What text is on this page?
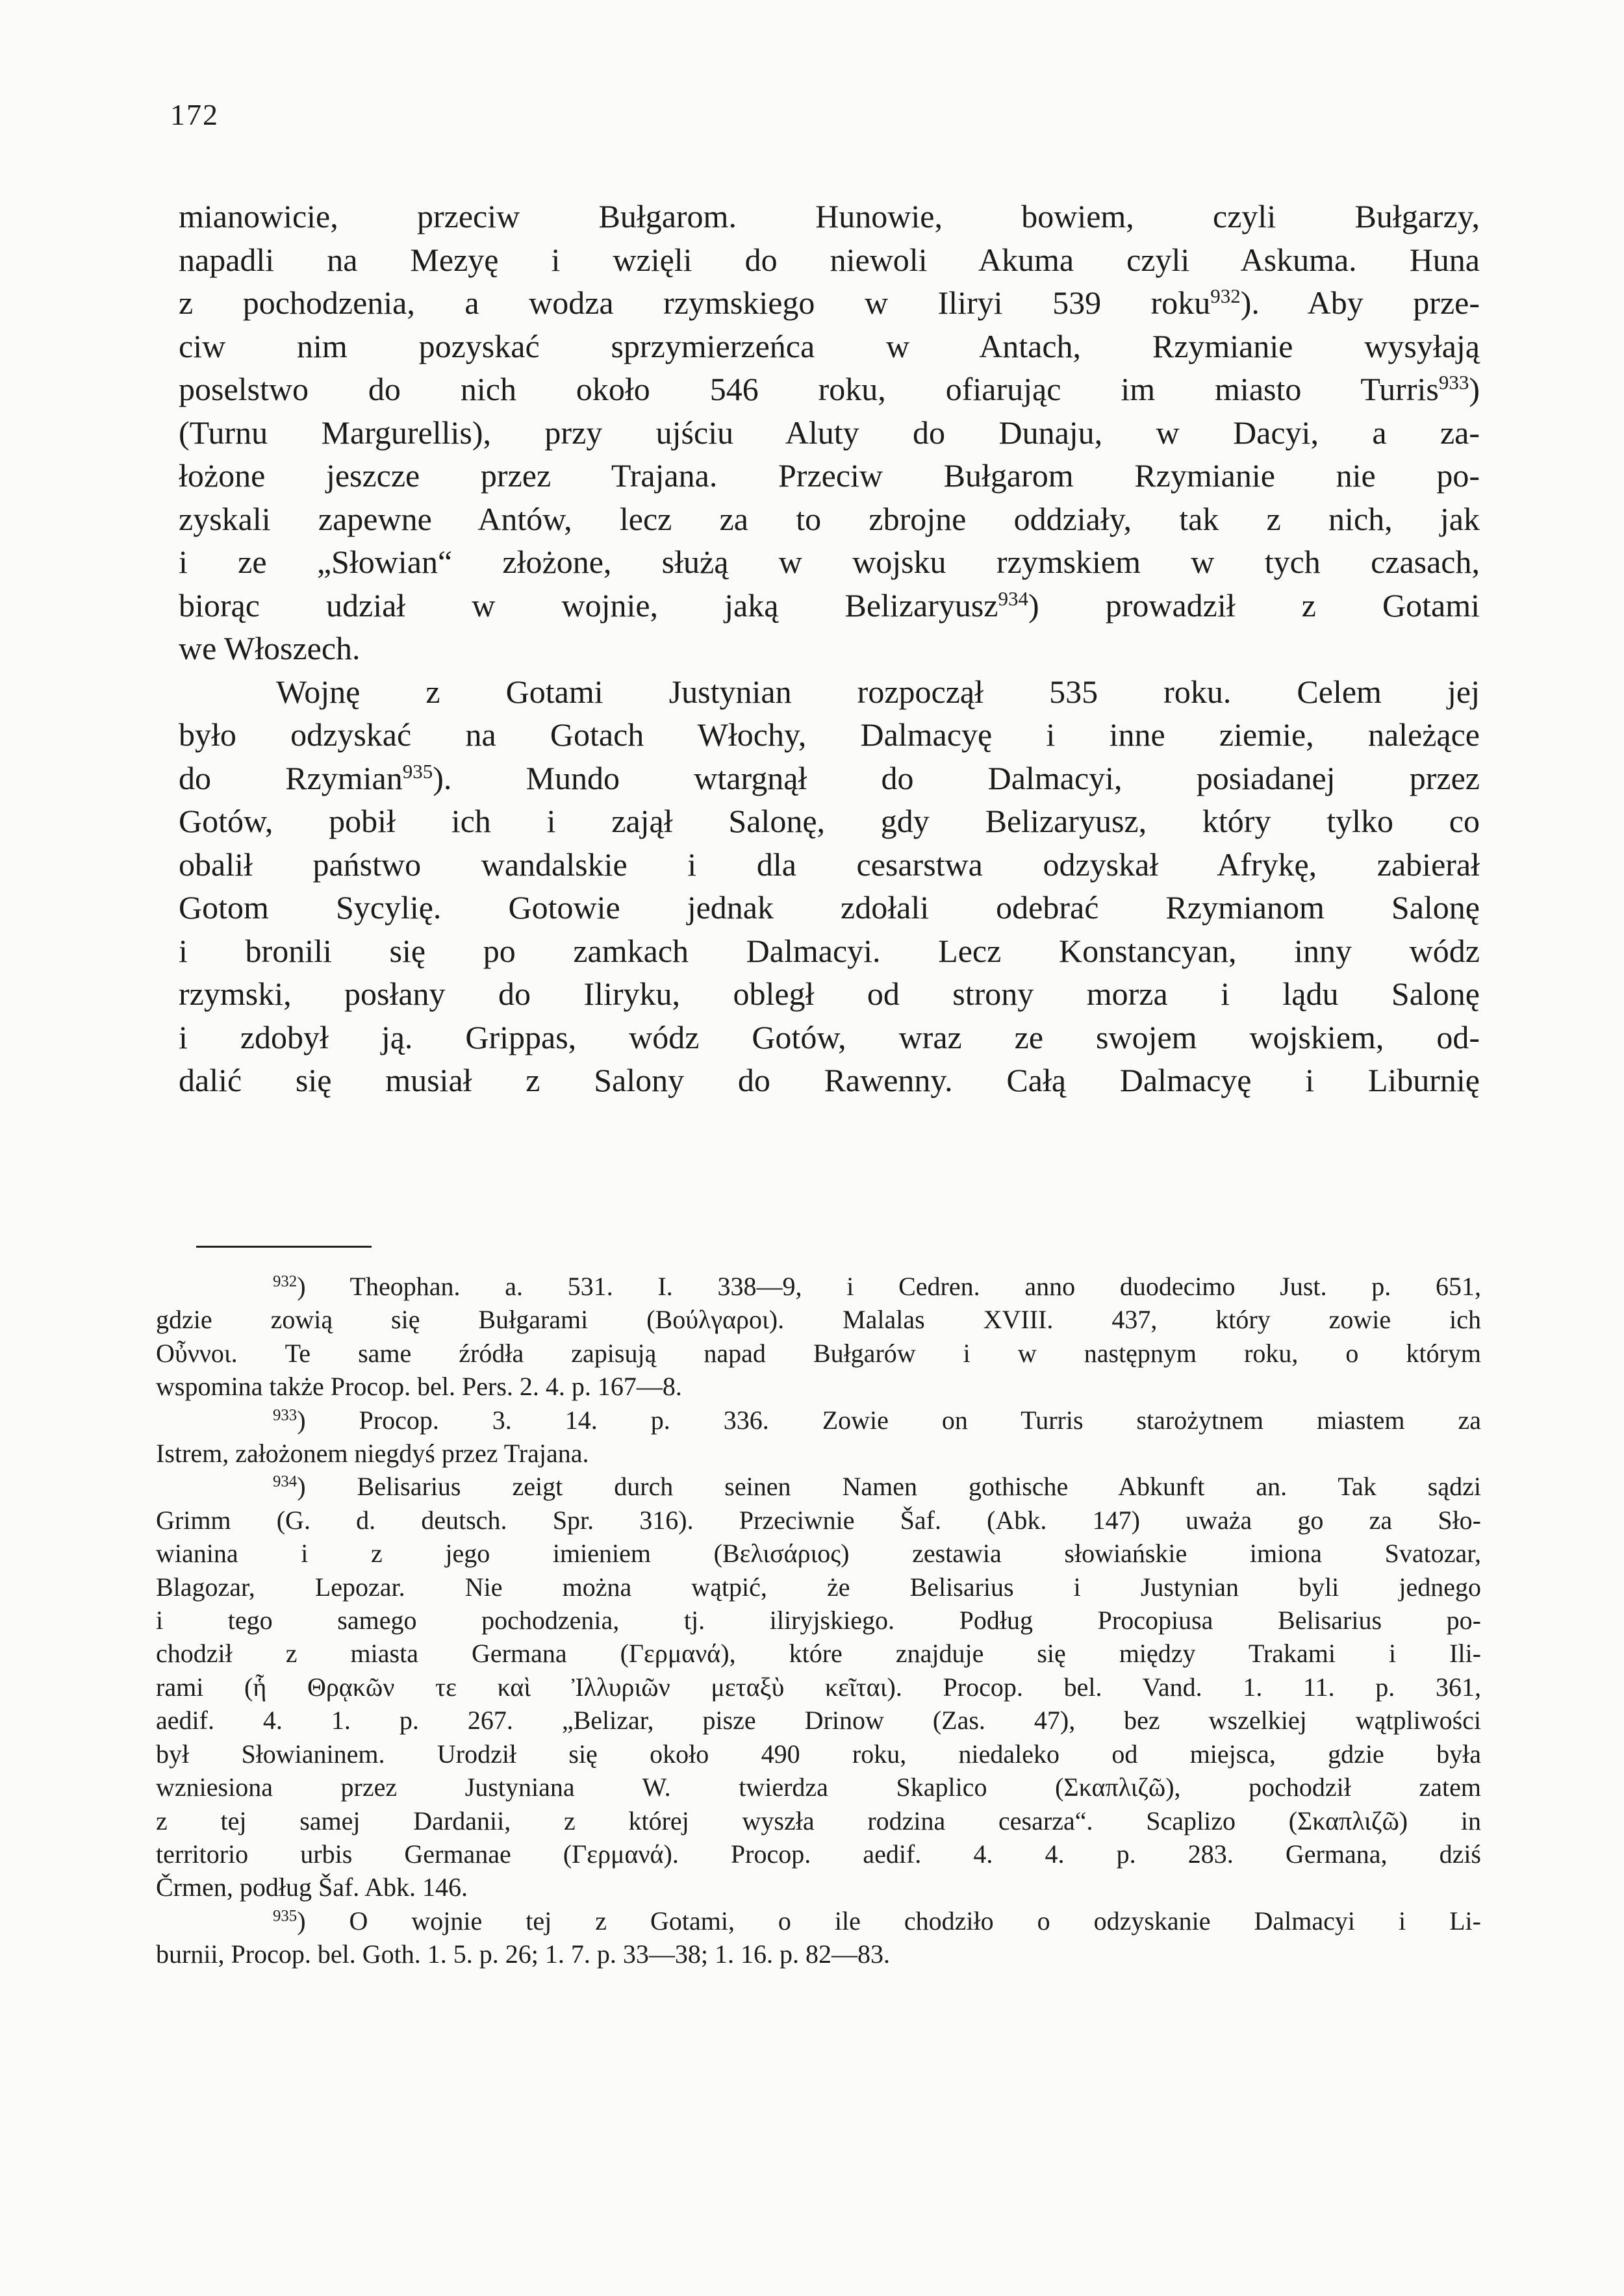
172
mianowicie, przeciw Bułgarom. Hunowie, bowiem, czyli Bułgarzy,
napadli na Mezyę i wzięli do niewoli Akuma czyli Askuma. Huna
z pochodzenia, a wodza rzymskiego w Iliryi 539 roku$^{932}$). Aby prze-
ciw nim pozyskać sprzymierzeńca w Antach, Rzymianie wysyłają
poselstwo do nich około 546 roku, ofiarując im miasto Turris$^{933}$)
(Turnu Margurellis), przy ujściu Aluty do Dunaju, w Dacyi, a za-
łożone jeszcze przez Trajana. Przeciw Bułgarom Rzymianie nie po-
zyskali zapewne Antów, lecz za to zbrojne oddziały, tak z nich, jak
i ze „Słowian“ złożone, służą w wojsku rzymskiem w tych czasach,
biorąc udział w wojnie, jaką Belizaryusz$^{934}$) prowadził z Gotami
we Włoszech.
Wojnę z Gotami Justynian rozpoczął 535 roku. Celem jej
było odzyskać na Gotach Włochy, Dalmacyę i inne ziemie, należące
do Rzymian$^{935}$). Mundo wtargnął do Dalmacyi, posiadanej przez
Gotów, pobił ich i zajął Salonę, gdy Belizaryusz, który tylko co
obalił państwo wandalskie i dla cesarstwa odzyskał Afrykę, zabierał
Gotom Sycylię. Gotowie jednak zdołali odebrać Rzymianom Salonę
i bronili się po zamkach Dalmacyi. Lecz Konstancyan, inny wódz
rzymski, posłany do Iliryku, obległ od strony morza i lądu Salonę
i zdobył ją. Grippas, wódz Gotów, wraz ze swojem wojskiem, od-
dalić się musiał z Salony do Rawenny. Całą Dalmacyę i Liburnię
$^{932}$) Theophan. a. 531. I. 338—9, i Cedren. anno duodecimo Just. p. 651,
gdzie zowią się Bułgarami (Βούλγαροι). Malalas XVIII. 437, który zowie ich
Οὖννοι. Te same źródła zapisują napad Bułgarów i w następnym roku, o którym
wspomina także Procop. bel. Pers. 2. 4. p. 167—8.
$^{933}$) Procop. 3. 14. p. 336. Zowie on Turris starożytnem miastem za
Istrem, założonem niegdyś przez Trajana.
$^{934}$) Belisarius zeigt durch seinen Namen gothische Abkunft an. Tak sądzi
Grimm (G. d. deutsch. Spr. 316). Przeciwnie Šaf. (Abk. 147) uważa go za Sło-
wianina i z jego imieniem (Βελισάριος) zestawia słowiańskie imiona Svatozar,
Blagozar, Lepozar. Nie można wątpić, że Belisarius i Justynian byli jednego
i tego samego pochodzenia, tj. iliryjskiego. Podług Procopiusa Belisarius po-
chodził z miasta Germana (Γερμανά), które znajduje się między Trakami i Ili-
rami (ἧ Θρᾳκῶν τε καὶ Ἰλλυριῶν μεταξὺ κεῖται). Procop. bel. Vand. 1. 11. p. 361,
aedif. 4. 1. p. 267. „Belizar, pisze Drinow (Zas. 47), bez wszelkiej wątpliwości
był Słowianinem. Urodził się około 490 roku, niedaleko od miejsca, gdzie była
wzniesiona przez Justyniana W. twierdza Skaplico (Σκαπλιζῶ), pochodził zatem
z tej samej Dardanii, z której wyszła rodzina cesarza“. Scaplizo (Σκαπλιζῶ) in
territorio urbis Germanae (Γερμανά). Procop. aedif. 4. 4. p. 283. Germana, dziś
Črmen, podług Šaf. Abk. 146.
$^{935}$) O wojnie tej z Gotami, o ile chodziło o odzyskanie Dalmacyi i Li-
burnii, Procop. bel. Goth. 1. 5. p. 26; 1. 7. p. 33—38; 1. 16. p. 82—83.
